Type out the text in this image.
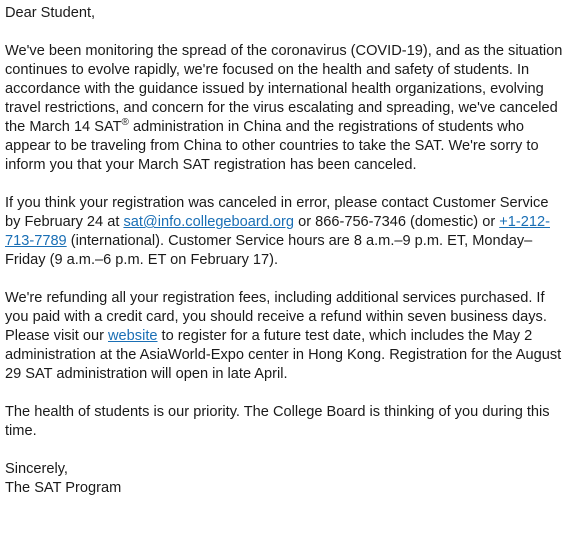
Dear Student,

We've been monitoring the spread of the coronavirus (COVID-19), and as the situation continues to evolve rapidly, we're focused on the health and safety of students. In accordance with the guidance issued by international health organizations, evolving travel restrictions, and concern for the virus escalating and spreading, we've canceled the March 14 SAT® administration in China and the registrations of students who appear to be traveling from China to other countries to take the SAT. We're sorry to inform you that your March SAT registration has been canceled.

If you think your registration was canceled in error, please contact Customer Service by February 24 at sat@info.collegeboard.org or 866-756-7346 (domestic) or +1-212-713-7789 (international). Customer Service hours are 8 a.m.–9 p.m. ET, Monday–Friday (9 a.m.–6 p.m. ET on February 17).

We're refunding all your registration fees, including additional services purchased. If you paid with a credit card, you should receive a refund within seven business days. Please visit our website to register for a future test date, which includes the May 2 administration at the AsiaWorld-Expo center in Hong Kong. Registration for the August 29 SAT administration will open in late April.

The health of students is our priority. The College Board is thinking of you during this time.

Sincerely,
The SAT Program
